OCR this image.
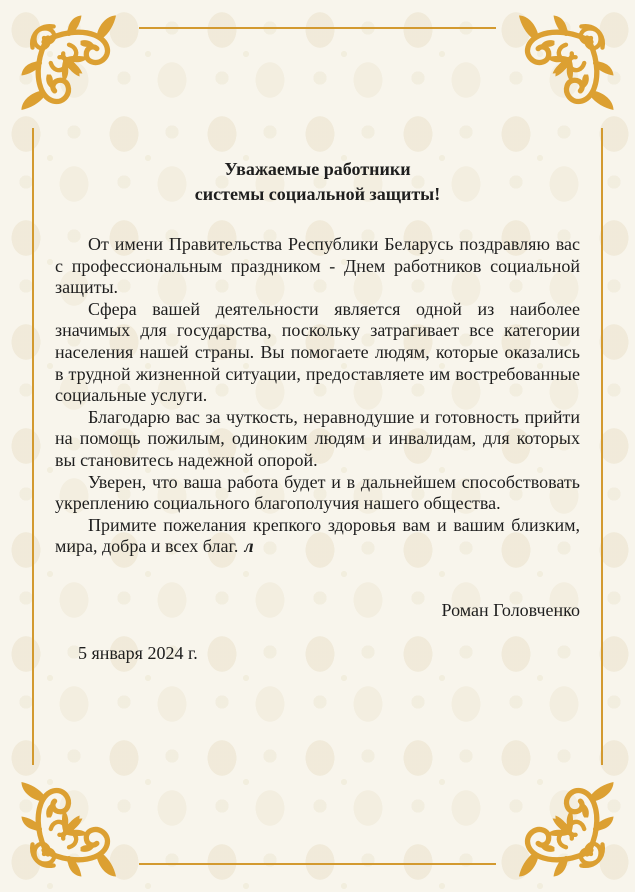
Уважаемые работники
системы социальной защиты!

От имени Правительства Республики Беларусь поздравляю вас с профессиональным праздником - Днем работников социальной защиты.

Сфера вашей деятельности является одной из наиболее значимых для государства, поскольку затрагивает все категории населения нашей страны. Вы помогаете людям, которые оказались в трудной жизненной ситуации, предоставляете им востребованные социальные услуги.

Благодарю вас за чуткость, неравнодушие и готовность прийти на помощь пожилым, одиноким людям и инвалидам, для которых вы становитесь надежной опорой.

Уверен, что ваша работа будет и в дальнейшем способствовать укреплению социального благополучия нашего общества.

Примите пожелания крепкого здоровья вам и вашим близким, мира, добра и всех благ. л

Роман Головченко
5 января 2024 г.
